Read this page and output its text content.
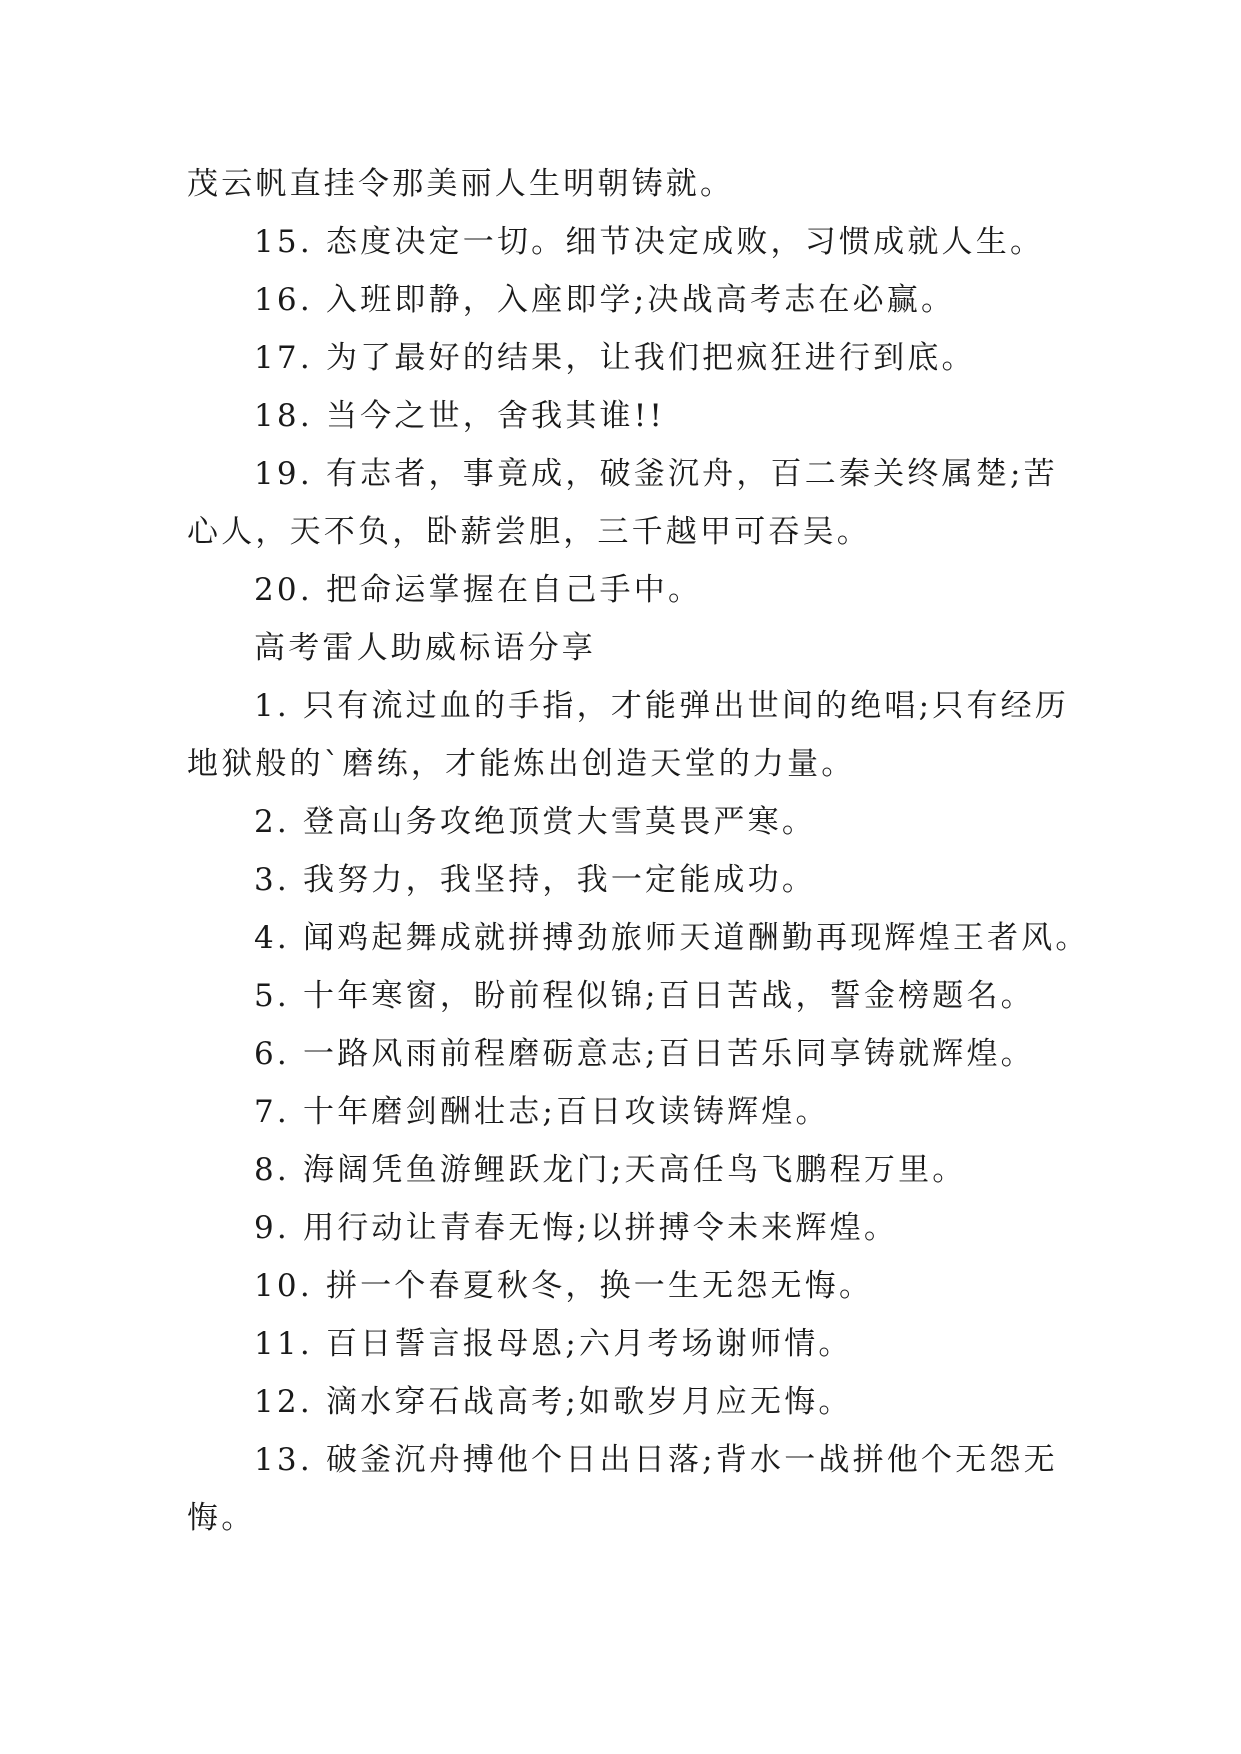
茂云帆直挂令那美丽人生明朝铸就。
15. 态度决定一切。细节决定成败，习惯成就人生。
16. 入班即静，入座即学;决战高考志在必赢。
17. 为了最好的结果，让我们把疯狂进行到底。
18. 当今之世，舍我其谁!!
19. 有志者，事竟成，破釜沉舟，百二秦关终属楚;苦
心人，天不负，卧薪尝胆，三千越甲可吞吴。
20. 把命运掌握在自己手中。
高考雷人助威标语分享
1. 只有流过血的手指，才能弹出世间的绝唱;只有经历
地狱般的`磨练，才能炼出创造天堂的力量。
2. 登高山务攻绝顶赏大雪莫畏严寒。
3. 我努力，我坚持，我一定能成功。
4. 闻鸡起舞成就拼搏劲旅师天道酬勤再现辉煌王者风。
5. 十年寒窗，盼前程似锦;百日苦战，誓金榜题名。
6. 一路风雨前程磨砺意志;百日苦乐同享铸就辉煌。
7. 十年磨剑酬壮志;百日攻读铸辉煌。
8. 海阔凭鱼游鲤跃龙门;天高任鸟飞鹏程万里。
9. 用行动让青春无悔;以拼搏令未来辉煌。
10. 拼一个春夏秋冬，换一生无怨无悔。
11. 百日誓言报母恩;六月考场谢师情。
12. 滴水穿石战高考;如歌岁月应无悔。
13. 破釜沉舟搏他个日出日落;背水一战拼他个无怨无
悔。
